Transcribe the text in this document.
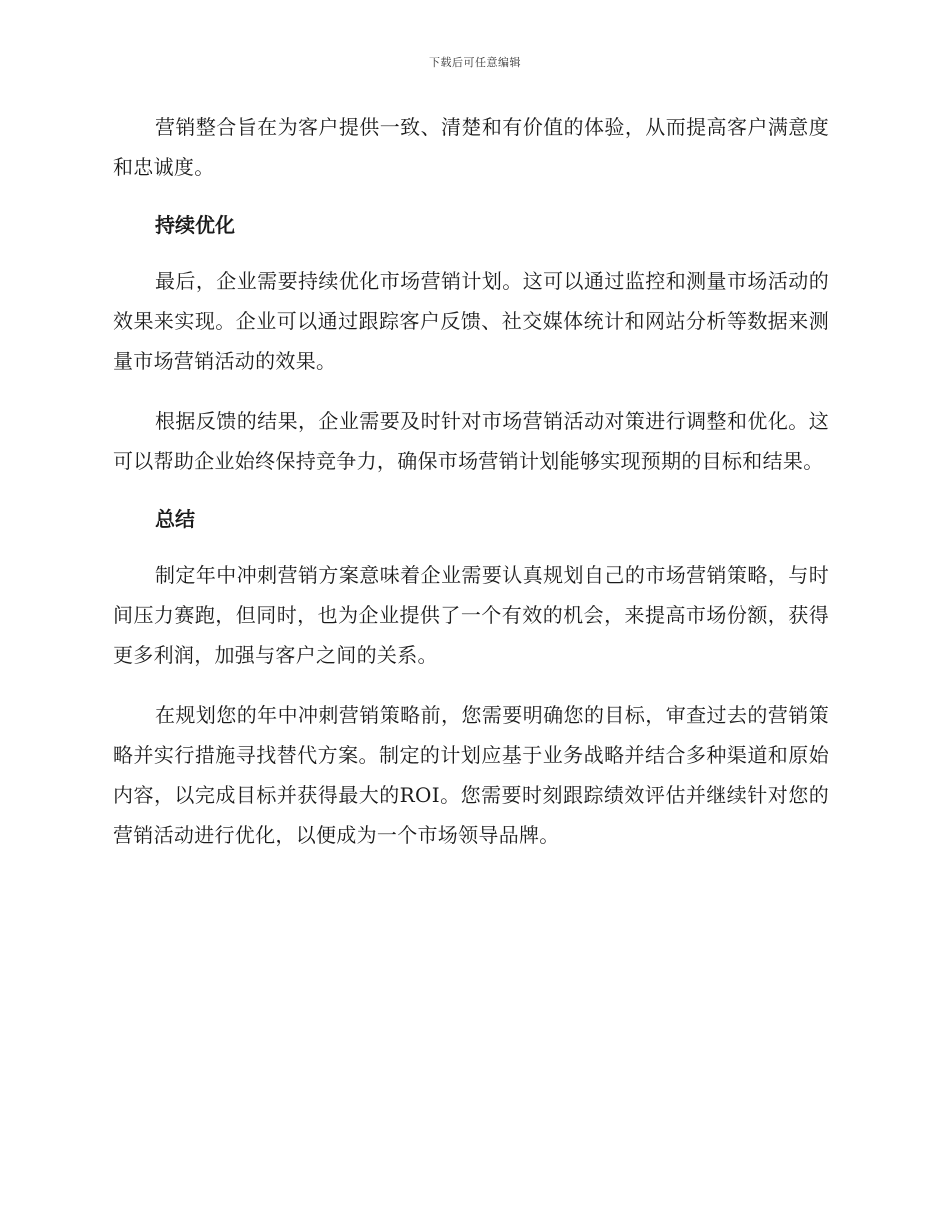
下载后可任意编辑

营销整合旨在为客户提供一致、清楚和有价值的体验，从而提高客户满意度和忠诚度。

持续优化

最后，企业需要持续优化市场营销计划。这可以通过监控和测量市场活动的效果来实现。企业可以通过跟踪客户反馈、社交媒体统计和网站分析等数据来测量市场营销活动的效果。

根据反馈的结果，企业需要及时针对市场营销活动对策进行调整和优化。这可以帮助企业始终保持竞争力，确保市场营销计划能够实现预期的目标和结果。

总结

制定年中冲刺营销方案意味着企业需要认真规划自己的市场营销策略，与时间压力赛跑，但同时，也为企业提供了一个有效的机会，来提高市场份额，获得更多利润，加强与客户之间的关系。

在规划您的年中冲刺营销策略前，您需要明确您的目标，审查过去的营销策略并实行措施寻找替代方案。制定的计划应基于业务战略并结合多种渠道和原始内容，以完成目标并获得最大的ROI。您需要时刻跟踪绩效评估并继续针对您的营销活动进行优化，以便成为一个市场领导品牌。
